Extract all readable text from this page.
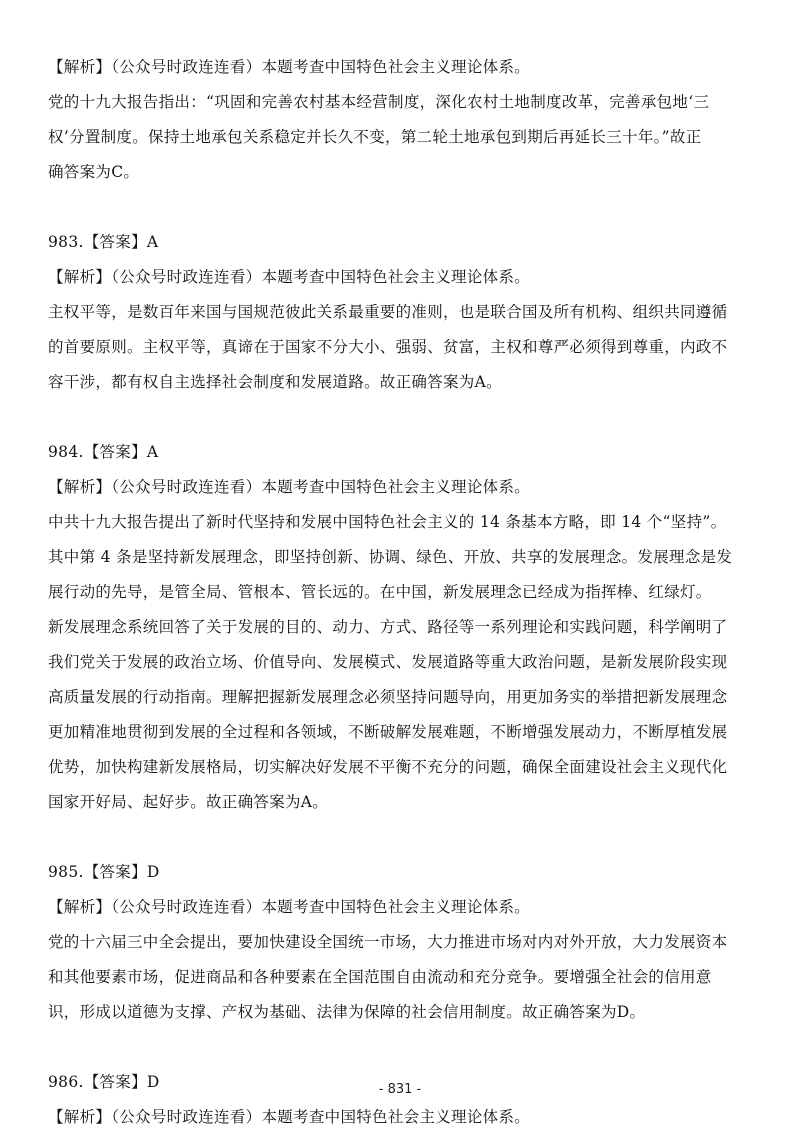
【解析】（公众号时政连连看）本题考查中国特色社会主义理论体系。
党的十九大报告指出：“巩固和完善农村基本经营制度，深化农村土地制度改革，完善承包地‘三
权’分置制度。保持土地承包关系稳定并长久不变，第二轮土地承包到期后再延长三十年。”故正
确答案为C。
983.【答案】A
【解析】（公众号时政连连看）本题考查中国特色社会主义理论体系。
主权平等，是数百年来国与国规范彼此关系最重要的准则，也是联合国及所有机构、组织共同遵循
的首要原则。主权平等，真谛在于国家不分大小、强弱、贫富，主权和尊严必须得到尊重，内政不
容干涉，都有权自主选择社会制度和发展道路。故正确答案为A。
984.【答案】A
【解析】（公众号时政连连看）本题考查中国特色社会主义理论体系。
中共十九大报告提出了新时代坚持和发展中国特色社会主义的 14 条基本方略，即 14 个“坚持”。
其中第 4 条是坚持新发展理念，即坚持创新、协调、绿色、开放、共享的发展理念。发展理念是发
展行动的先导，是管全局、管根本、管长远的。在中国，新发展理念已经成为指挥棒、红绿灯。
新发展理念系统回答了关于发展的目的、动力、方式、路径等一系列理论和实践问题，科学阐明了
我们党关于发展的政治立场、价值导向、发展模式、发展道路等重大政治问题，是新发展阶段实现
高质量发展的行动指南。理解把握新发展理念必须坚持问题导向，用更加务实的举措把新发展理念
更加精准地贯彻到发展的全过程和各领域，不断破解发展难题，不断增强发展动力，不断厚植发展
优势，加快构建新发展格局，切实解决好发展不平衡不充分的问题，确保全面建设社会主义现代化
国家开好局、起好步。故正确答案为A。
985.【答案】D
【解析】（公众号时政连连看）本题考查中国特色社会主义理论体系。
党的十六届三中全会提出，要加快建设全国统一市场，大力推进市场对内对外开放，大力发展资本
和其他要素市场，促进商品和各种要素在全国范围自由流动和充分竞争。要增强全社会的信用意
识，形成以道德为支撑、产权为基础、法律为保障的社会信用制度。故正确答案为D。
986.【答案】D
【解析】（公众号时政连连看）本题考查中国特色社会主义理论体系。
- 831 -
